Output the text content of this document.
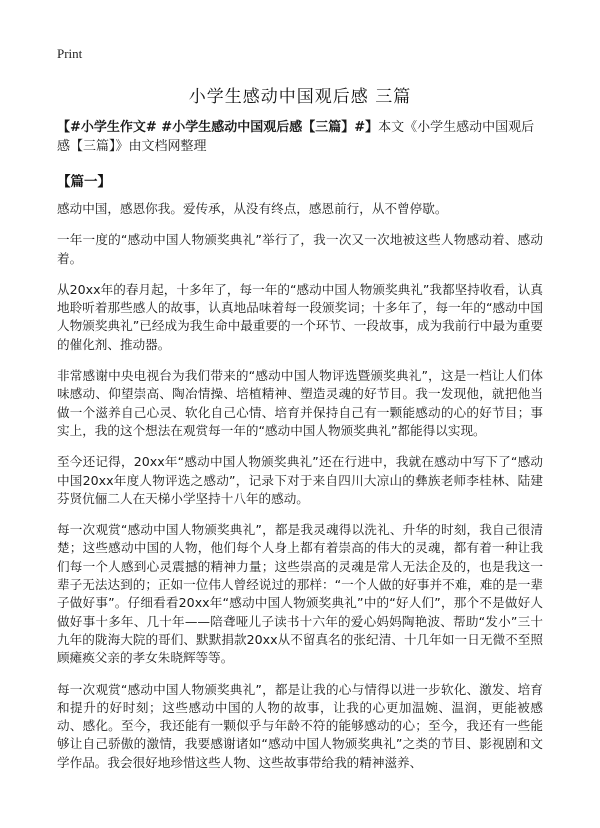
Print
小学生感动中国观后感 三篇
【#小学生作文# #小学生感动中国观后感【三篇】#】本文《小学生感动中国观后感【三篇】》由文档网整理
【篇一】

感动中国，感恩你我。爱传承，从没有终点，感恩前行，从不曾停歇。

一年一度的“感动中国人物颁奖典礼”举行了，我一次又一次地被这些人物感动着、感动着。

从20xx年的春月起，十多年了，每一年的“感动中国人物颁奖典礼”我都坚持收看，认真地聆听着那些感人的故事，认真地品味着每一段颁奖词；十多年了，每一年的“感动中国人物颁奖典礼”已经成为我生命中最重要的一个环节、一段故事，成为我前行中最为重要的催化剂、推动器。

非常感谢中央电视台为我们带来的“感动中国人物评选暨颁奖典礼”，这是一档让人们体味感动、仰望崇高、陶冶情操、培植精神、塑造灵魂的好节目。我一发现他，就把他当做一个滋养自己心灵、软化自己心情、培育并保持自己有一颗能感动的心的好节目；事实上，我的这个想法在观赏每一年的“感动中国人物颁奖典礼”都能得以实现。

至今还记得，20xx年“感动中国人物颁奖典礼”还在行进中，我就在感动中写下了“感动中国20xx年度人物评选之感动”，记录下对于来自四川大凉山的彝族老师李桂林、陆建芬贤伉俪二人在天梯小学坚持十八年的感动。

每一次观赏“感动中国人物颁奖典礼”，都是我灵魂得以洗礼、升华的时刻，我自己很清楚；这些感动中国的人物，他们每个人身上都有着崇高的伟大的灵魂，都有着一种让我们每一个人感到心灵震撼的精神力量；这些崇高的灵魂是常人无法企及的，也是我这一辈子无法达到的；正如一位伟人曾经说过的那样：“一个人做的好事并不难，难的是一辈子做好事”。仔细看看20xx年“感动中国人物颁奖典礼”中的“好人们”，那个不是做好人做好事十多年、几十年——陪聋哑儿子读书十六年的爱心妈妈陶艳波、帮助“发小”三十九年的陇海大院的哥们、默默捐款20xx从不留真名的张纪清、十几年如一日无微不至照顾瘫痪父亲的孝女朱晓辉等等。

每一次观赏“感动中国人物颁奖典礼”，都是让我的心与情得以进一步软化、激发、培育和提升的好时刻；这些感动中国的人物的故事，让我的心更加温婉、温润，更能被感动、感化。至今，我还能有一颗似乎与年龄不符的能够感动的心；至今，我还有一些能够让自己骄傲的激情，我要感谢诸如“感动中国人物颁奖典礼”之类的节目、影视剧和文学作品。我会很好地珍惜这些人物、这些故事带给我的精神滋养、
